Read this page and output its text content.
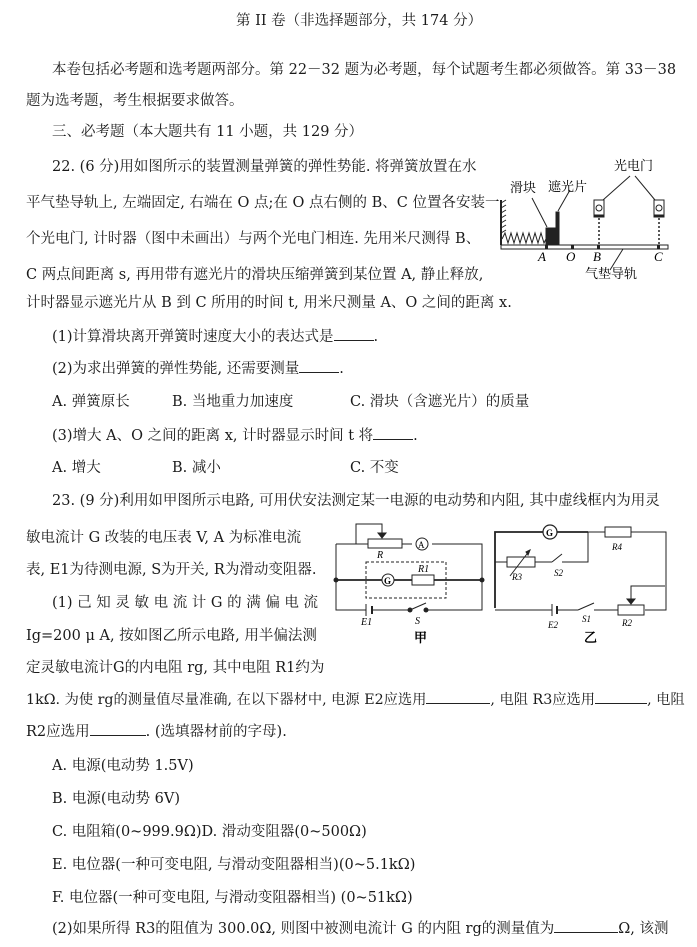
第 II 卷（非选择题部分，共 174 分）
本卷包括必考题和选考题两部分。第 22－32 题为必考题，每个试题考生都必须做答。第 33－38
题为选考题，考生根据要求做答。
三、必考题（本大题共有 11 小题，共 129 分）
22. (6 分)用如图所示的装置测量弹簧的弹性势能. 将弹簧放置在水
平气垫导轨上, 左端固定, 右端在 O 点;在 O 点右侧的 B、C 位置各安装一
个光电门, 计时器（图中未画出）与两个光电门相连. 先用米尺测得 B、
C 两点间距离 s, 再用带有遮光片的滑块压缩弹簧到某位置 A, 静止释放,
计时器显示遮光片从 B 到 C 所用的时间 t, 用米尺测量 A、O 之间的距离 x.
滑块 遮光片
光电门
气垫导轨
A O B	C
(1)计算滑块离开弹簧时速度大小的表达式是	.
(2)为求出弹簧的弹性势能, 还需要测量	.
A. 弹簧原长	B. 当地重力加速度	C. 滑块（含遮光片）的质量
(3)增大 A、O 之间的距离 x, 计时器显示时间 t 将	.
A. 增大	B. 减小	C. 不变
23. (9 分)利用如甲图所示电路, 可用伏安法测定某一电源的电动势和内阻, 其中虚线框内为用灵
敏电流计 G 改装的电压表 V, A 为标准电流
表, E1为待测电源, S为开关, R为滑动变阻器.
(1) 己 知 灵 敏 电 流 计 G 的 满 偏 电 流
Ig=200 μ A, 按如图乙所示电路, 用半偏法测
定灵敏电流计G的内电阻 rg, 其中电阻 R1约为
R
A
G
R1
E1	S
甲
G
R4
R3	S2
E2
S1	R2
乙
1kΩ. 为使 rg的测量值尽量准确, 在以下器材中, 电源 E2应选用	, 电阻 R3应选用	, 电阻
R2应选用	. (选填器材前的字母).
A. 电源(电动势 1.5V)
B. 电源(电动势 6V)
C. 电阻箱(0~999.9Ω)D. 滑动变阻器(0~500Ω)
E. 电位器(一种可变电阻, 与滑动变阻器相当)(0~5.1kΩ)
F. 电位器(一种可变电阻, 与滑动变阻器相当) (0~51kΩ)
(2)如果所得 R3的阻值为 300.0Ω, 则图中被测电流计 G 的内阻 rg的测量值为	Ω, 该测
